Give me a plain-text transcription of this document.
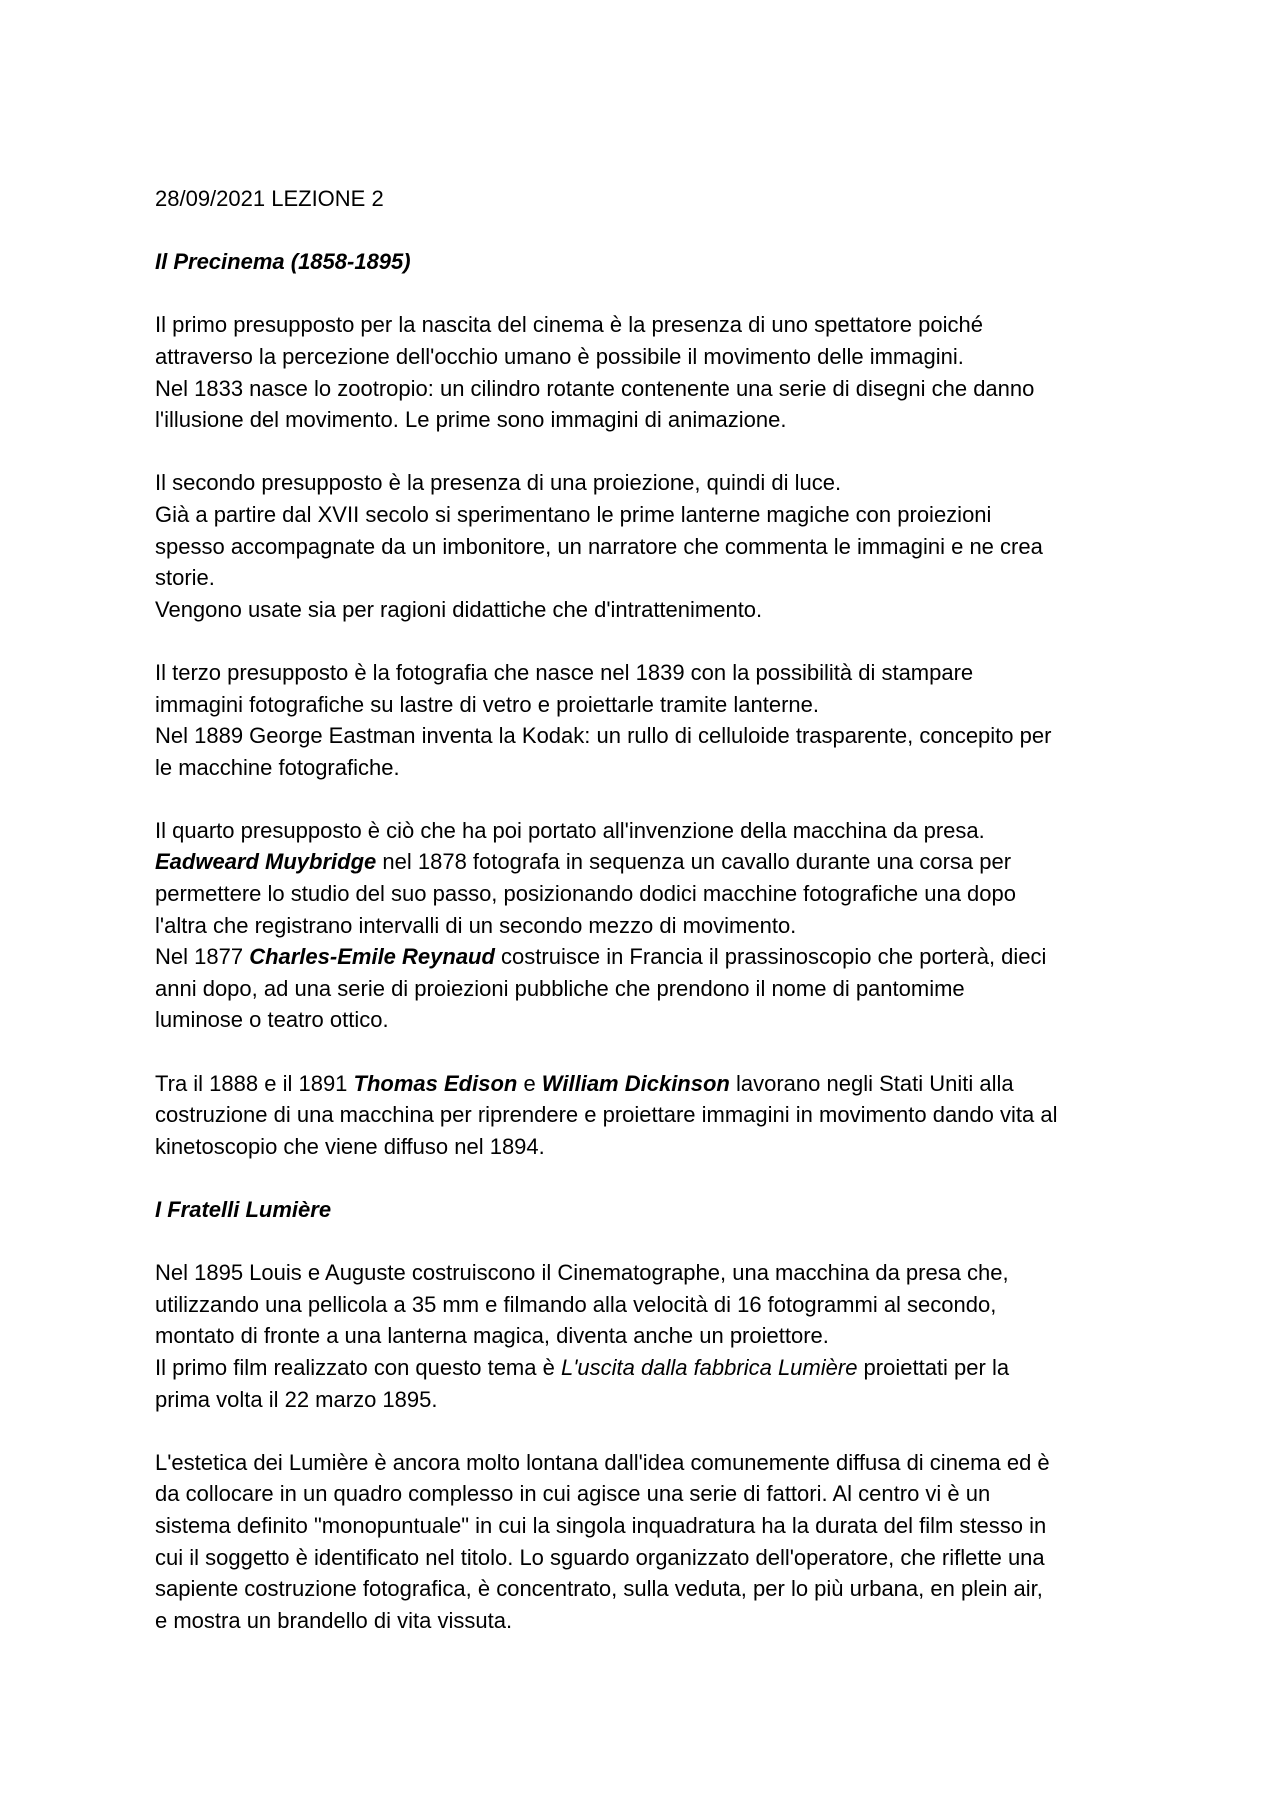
28/09/2021 LEZIONE 2
Il Precinema (1858-1895)
Il primo presupposto per la nascita del cinema è la presenza di uno spettatore poiché
attraverso la percezione dell'occhio umano è possibile il movimento delle immagini.
Nel 1833 nasce lo zootropio: un cilindro rotante contenente una serie di disegni che danno
l'illusione del movimento. Le prime sono immagini di animazione.
Il secondo presupposto è la presenza di una proiezione, quindi di luce.
Già a partire dal XVII secolo si sperimentano le prime lanterne magiche con proiezioni
spesso accompagnate da un imbonitore, un narratore che commenta le immagini e ne crea
storie.
Vengono usate sia per ragioni didattiche che d'intrattenimento.
Il terzo presupposto è la fotografia che nasce nel 1839 con la possibilità di stampare
immagini fotografiche su lastre di vetro e proiettarle tramite lanterne.
Nel 1889 George Eastman inventa la Kodak: un rullo di celluloide trasparente, concepito per
le macchine fotografiche.
Il quarto presupposto è ciò che ha poi portato all'invenzione della macchina da presa.
Eadweard Muybridge nel 1878 fotografa in sequenza un cavallo durante una corsa per
permettere lo studio del suo passo, posizionando dodici macchine fotografiche una dopo
l'altra che registrano intervalli di un secondo mezzo di movimento.
Nel 1877 Charles-Emile Reynaud costruisce in Francia il prassinoscopio che porterà, dieci
anni dopo, ad una serie di proiezioni pubbliche che prendono il nome di pantomime
luminose o teatro ottico.
Tra il 1888 e il 1891 Thomas Edison e William Dickinson lavorano negli Stati Uniti alla
costruzione di una macchina per riprendere e proiettare immagini in movimento dando vita al
kinetoscopio che viene diffuso nel 1894.
I Fratelli Lumière
Nel 1895 Louis e Auguste costruiscono il Cinematographe, una macchina da presa che,
utilizzando una pellicola a 35 mm e filmando alla velocità di 16 fotogrammi al secondo,
montato di fronte a una lanterna magica, diventa anche un proiettore.
Il primo film realizzato con questo tema è L'uscita dalla fabbrica Lumière proiettati per la
prima volta il 22 marzo 1895.
L'estetica dei Lumière è ancora molto lontana dall'idea comunemente diffusa di cinema ed è
da collocare in un quadro complesso in cui agisce una serie di fattori. Al centro vi è un
sistema definito "monopuntuale" in cui la singola inquadratura ha la durata del film stesso in
cui il soggetto è identificato nel titolo. Lo sguardo organizzato dell'operatore, che riflette una
sapiente costruzione fotografica, è concentrato, sulla veduta, per lo più urbana, en plein air,
e mostra un brandello di vita vissuta.
